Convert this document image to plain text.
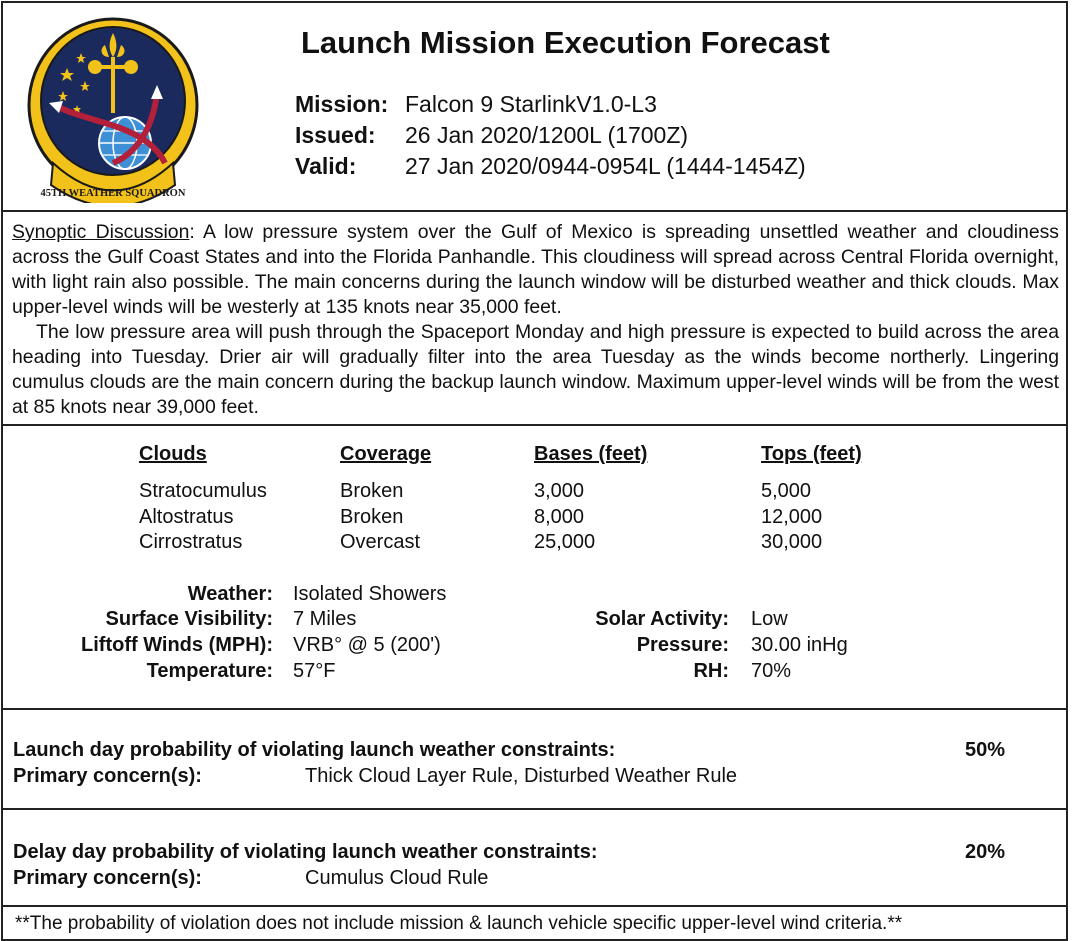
45TH WEATHER SQUADRON
Launch Mission Execution Forecast
Mission: Falcon 9 StarlinkV1.0-L3
Issued: 26 Jan 2020/1200L (1700Z)
Valid: 27 Jan 2020/0944-0954L (1444-1454Z)

Synoptic Discussion: A low pressure system over the Gulf of Mexico is spreading unsettled weather and cloudiness across the Gulf Coast States and into the Florida Panhandle. This cloudiness will spread across Central Florida overnight, with light rain also possible. The main concerns during the launch window will be disturbed weather and thick clouds. Max upper-level winds will be westerly at 135 knots near 35,000 feet.

The low pressure area will push through the Spaceport Monday and high pressure is expected to build across the area heading into Tuesday. Drier air will gradually filter into the area Tuesday as the winds become northerly. Lingering cumulus clouds are the main concern during the backup launch window. Maximum upper-level winds will be from the west at 85 knots near 39,000 feet.

Clouds	Coverage	Bases (feet)	Tops (feet)
Stratocumulus	Broken	3,000	5,000
Altostratus	Broken	8,000	12,000
Cirrostratus	Overcast	25,000	30,000
Weather: Isolated Showers
Surface Visibility: 7 Miles
Liftoff Winds (MPH): VRB° @ 5 (200')
Temperature: 57°F
Solar Activity: Low
Pressure: 30.00 inHg
RH: 70%
Launch day probability of violating launch weather constraints:	50%
Primary concern(s):	Thick Cloud Layer Rule, Disturbed Weather Rule
Delay day probability of violating launch weather constraints:	20%
Primary concern(s):	Cumulus Cloud Rule
**The probability of violation does not include mission & launch vehicle specific upper-level wind criteria.**
